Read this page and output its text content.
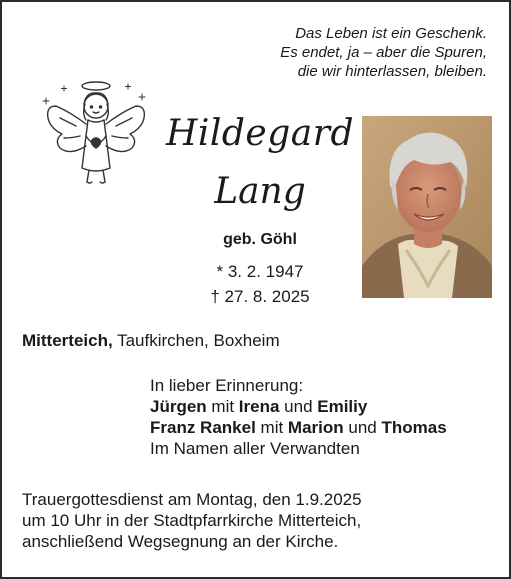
Das Leben ist ein Geschenk.
Es endet, ja – aber die Spuren,
die wir hinterlassen, bleiben.
Hildegard
Lang
geb. Göhl
* 3. 2. 1947
† 27. 8. 2025
Mitterteich, Taufkirchen, Boxheim
In lieber Erinnerung:
Jürgen mit Irena und Emiliy
Franz Rankel mit Marion und Thomas
Im Namen aller Verwandten
Trauergottesdienst am Montag, den 1.9.2025
um 10 Uhr in der Stadtpfarrkirche Mitterteich,
anschließend Wegsegnung an der Kirche.
